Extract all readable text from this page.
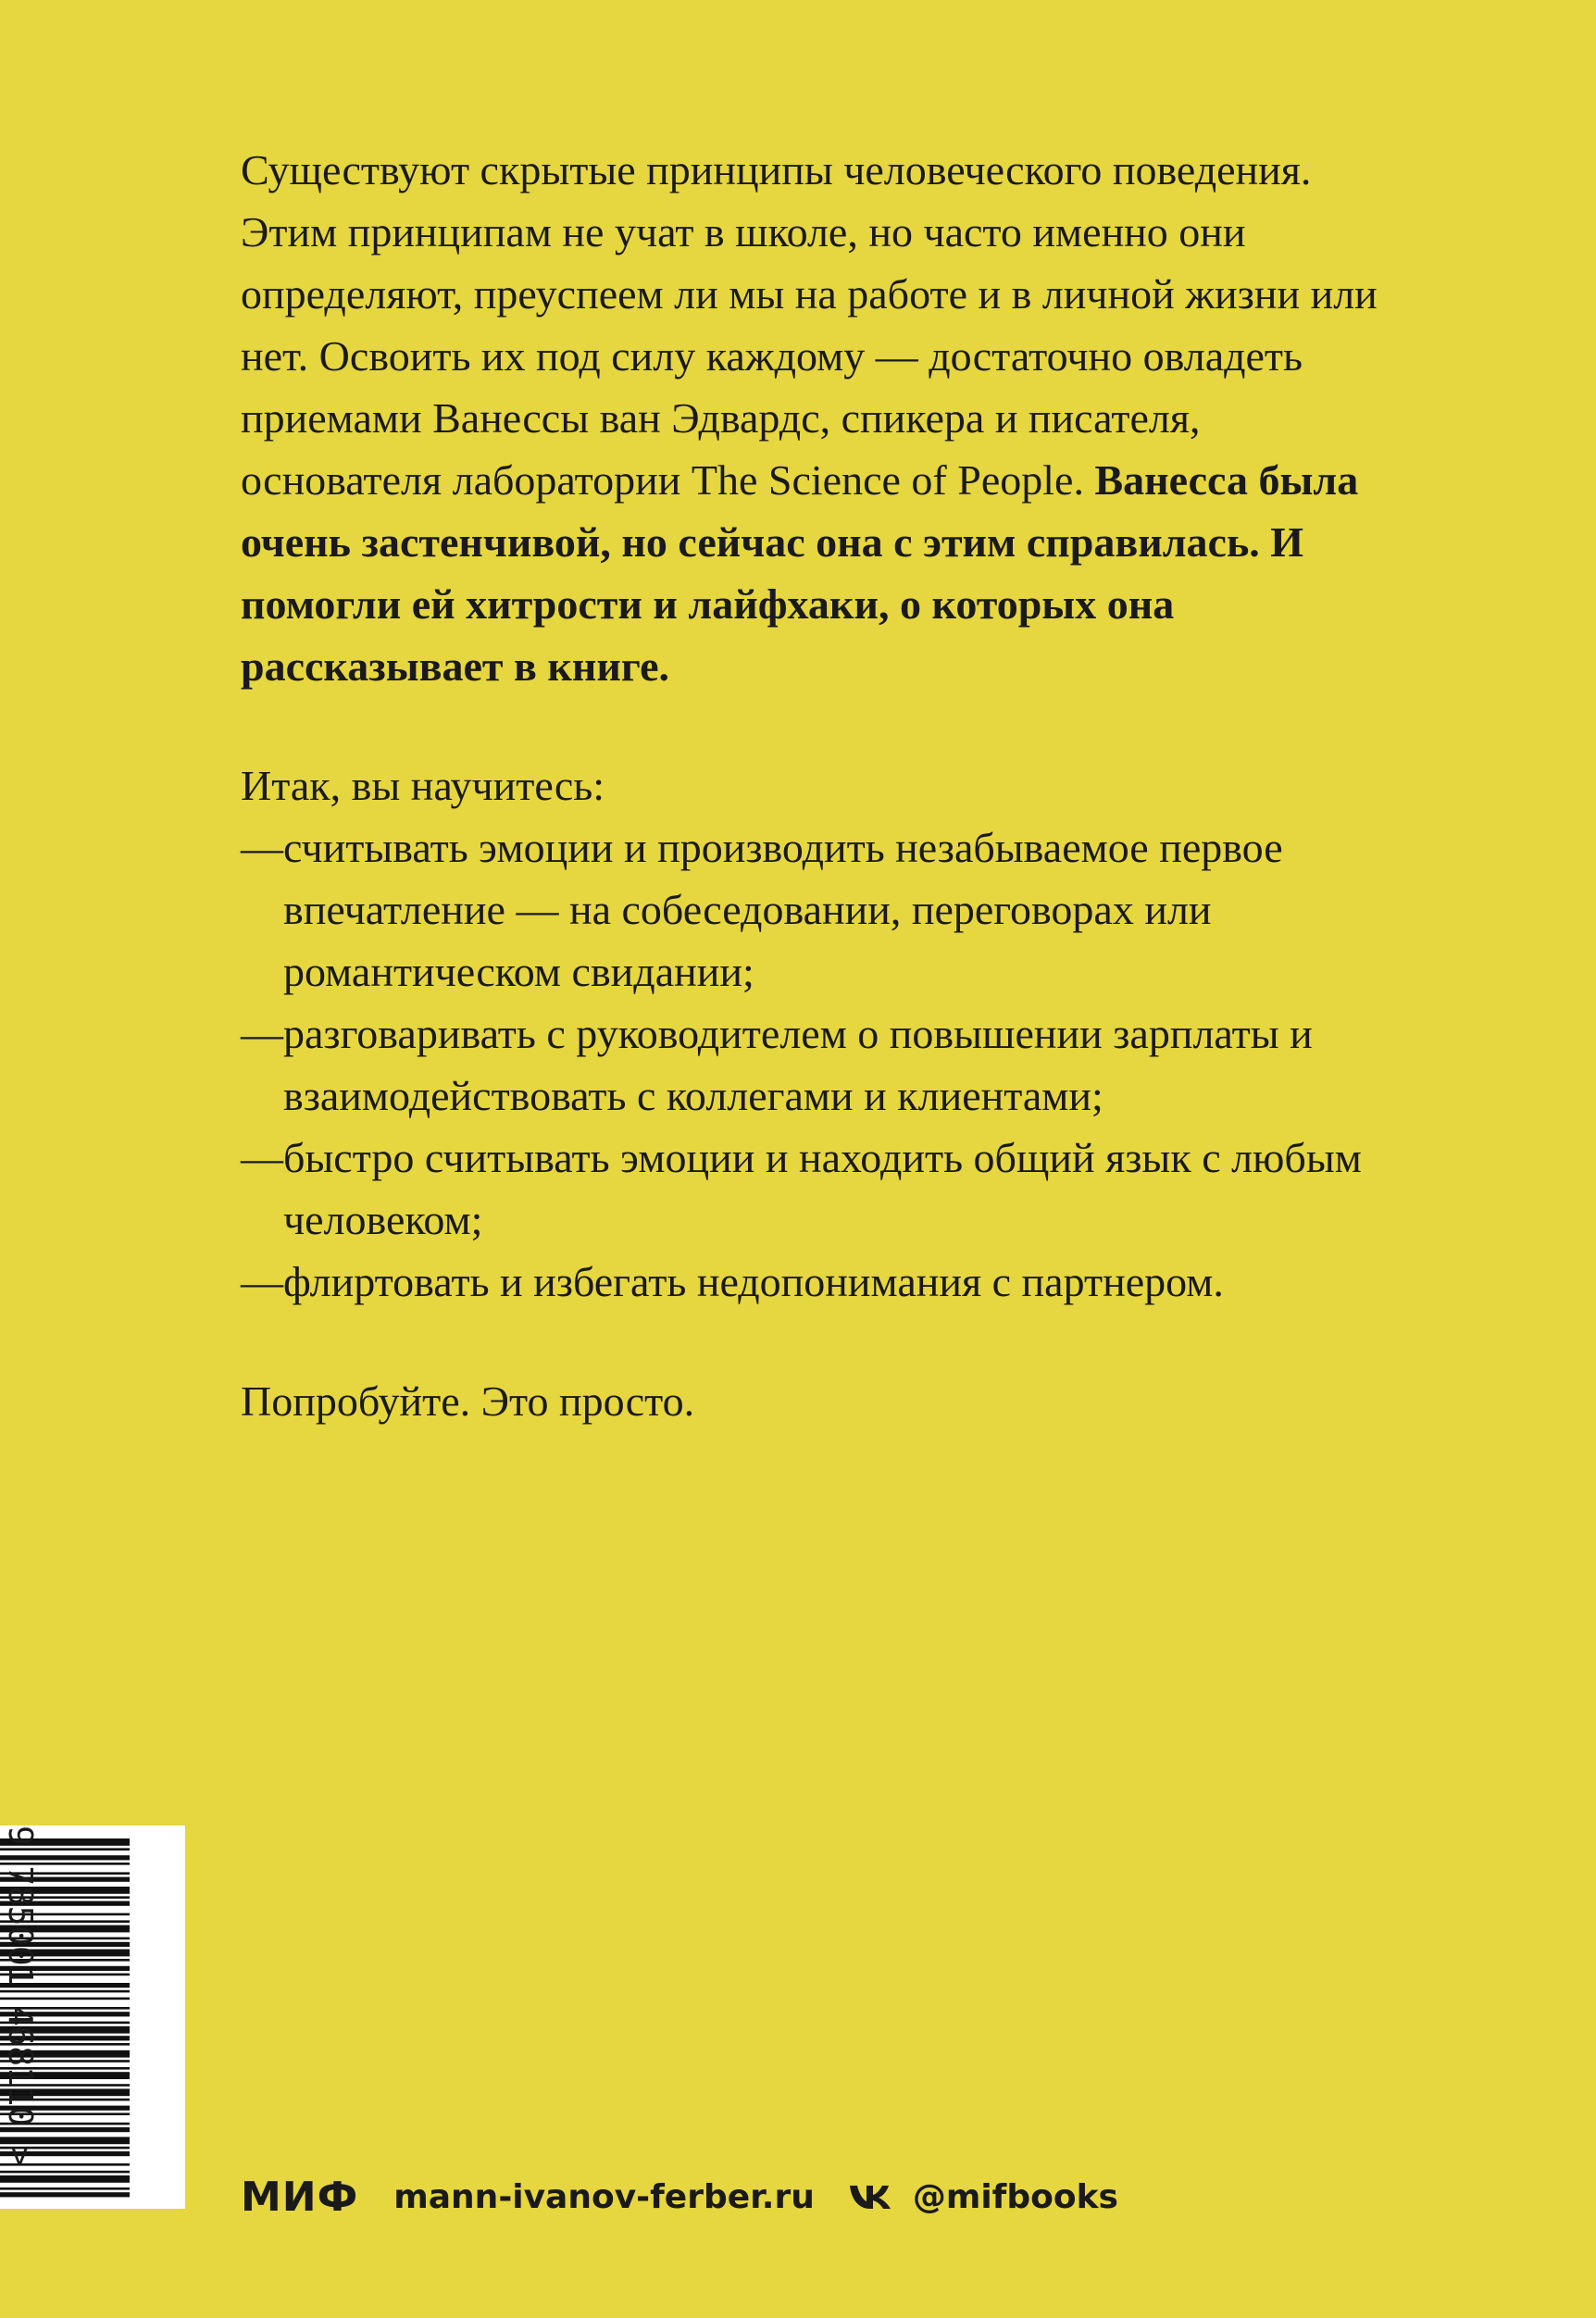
Существуют скрытые принципы человеческого поведения. Этим принципам не учат в школе, но часто именно они определяют, преуспеем ли мы на работе и в личной жизни или нет. Освоить их под силу каждому — достаточно овладеть приемами Ванессы ван Эдвардс, спикера и писателя, основателя лаборатории The Science of People. Ванесса была очень застенчивой, но сейчас она с этим справилась. И помогли ей хитрости и лайфхаки, о которых она рассказывает в книге.

Итак, вы научитесь:

— считывать эмоции и производить незабываемое первое впечатление — на собеседовании, переговорах или романтическом свидании;
— разговаривать с руководителем о повышении зарплаты и взаимодействовать с коллегами и клиентами;
— быстро считывать эмоции и находить общий язык с любым человеком;
— флиртовать и избегать недопонимания с партнером.

Попробуйте. Это просто.

9 785001 468110 >
МИФ mann-ivanov-ferber.ru	@mifbooks
